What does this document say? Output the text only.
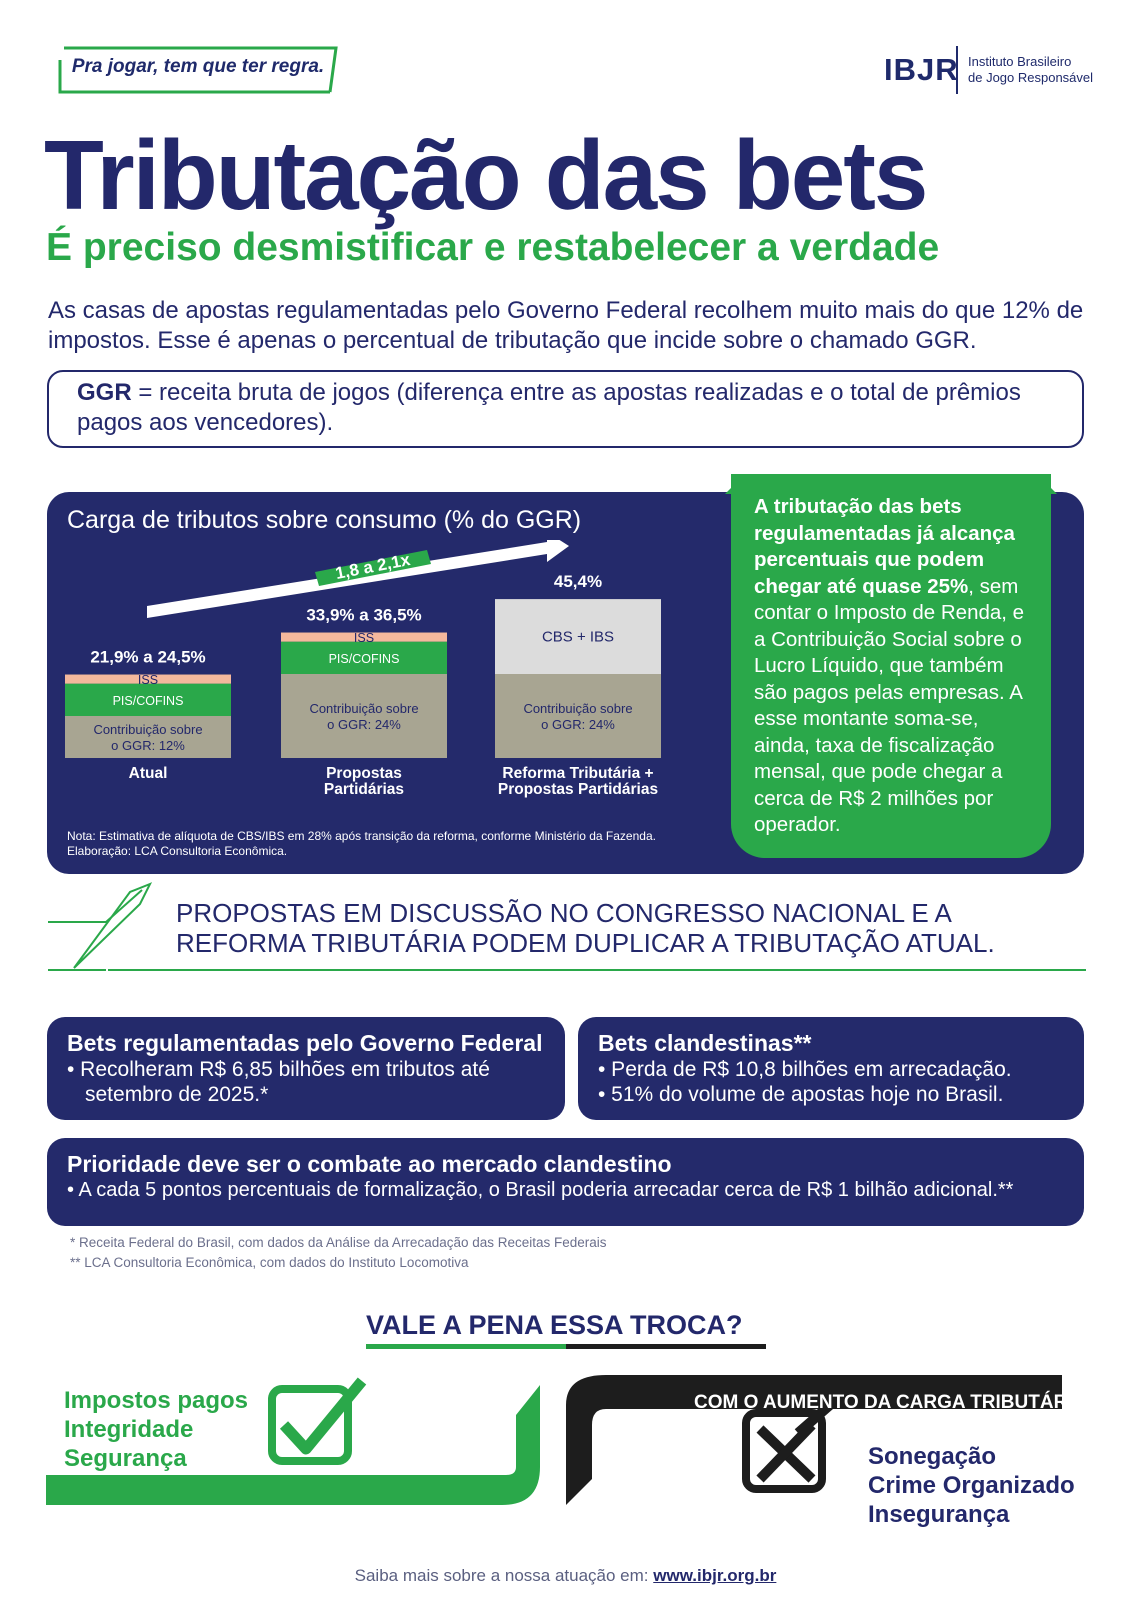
Pra jogar, tem que ter regra.	IBJR Instituto Brasileiro
de Jogo Responsável
Tributação das bets
É preciso desmistificar e restabelecer a verdade
As casas de apostas regulamentadas pelo Governo Federal recolhem muito mais do que 12% de impostos. Esse é apenas o percentual de tributação que incide sobre o chamado GGR.
GGR = receita bruta de jogos (diferença entre as apostas realizadas e o total de prêmios pagos aos vencedores).
Carga de tributos sobre consumo (% do GGR)
1,8 a 2,1x
Contribuição sobre
o GGR: 12%
PIS/COFINS
ISS
21,9% a 24,5%
Atual
Contribuição sobre
o GGR: 24%
PIS/COFINS
ISS
33,9% a 36,5%
Propostas
Partidárias
Contribuição sobre
o GGR: 24%
CBS + IBS
45,4%
Reforma Tributária +
Propostas Partidárias
Nota: Estimativa de alíquota de CBS/IBS em 28% após transição da reforma, conforme Ministério da Fazenda. Elaboração: LCA Consultoria Econômica.
A tributação das bets regulamentadas já alcança percentuais que podem chegar até quase 25%, sem contar o Imposto de Renda, e a Contribuição Social sobre o Lucro Líquido, que também são pagos pelas empresas. A esse montante soma-se, ainda, taxa de fiscalização mensal, que pode chegar a cerca de R$ 2 milhões por operador.
PROPOSTAS EM DISCUSSÃO NO CONGRESSO NACIONAL E A REFORMA TRIBUTÁRIA PODEM DUPLICAR A TRIBUTAÇÃO ATUAL.
Bets regulamentadas pelo Governo Federal
• Recolheram R$ 6,85 bilhões em tributos até
setembro de 2025.*
Bets clandestinas**
• Perda de R$ 10,8 bilhões em arrecadação.
• 51% do volume de apostas hoje no Brasil.
Prioridade deve ser o combate ao mercado clandestino
• A cada 5 pontos percentuais de formalização, o Brasil poderia arrecadar cerca de R$ 1 bilhão adicional.**
* Receita Federal do Brasil, com dados da Análise da Arrecadação das Receitas Federais
** LCA Consultoria Econômica, com dados do Instituto Locomotiva
VALE A PENA ESSA TROCA?
Impostos pagos
Integridade
Segurança
TRIBUTAÇÃO ATUAL
COM O AUMENTO DA CARGA TRIBUTÁRIA
Sonegação
Crime Organizado
Insegurança
Saiba mais sobre a nossa atuação em: www.ibjr.org.br
